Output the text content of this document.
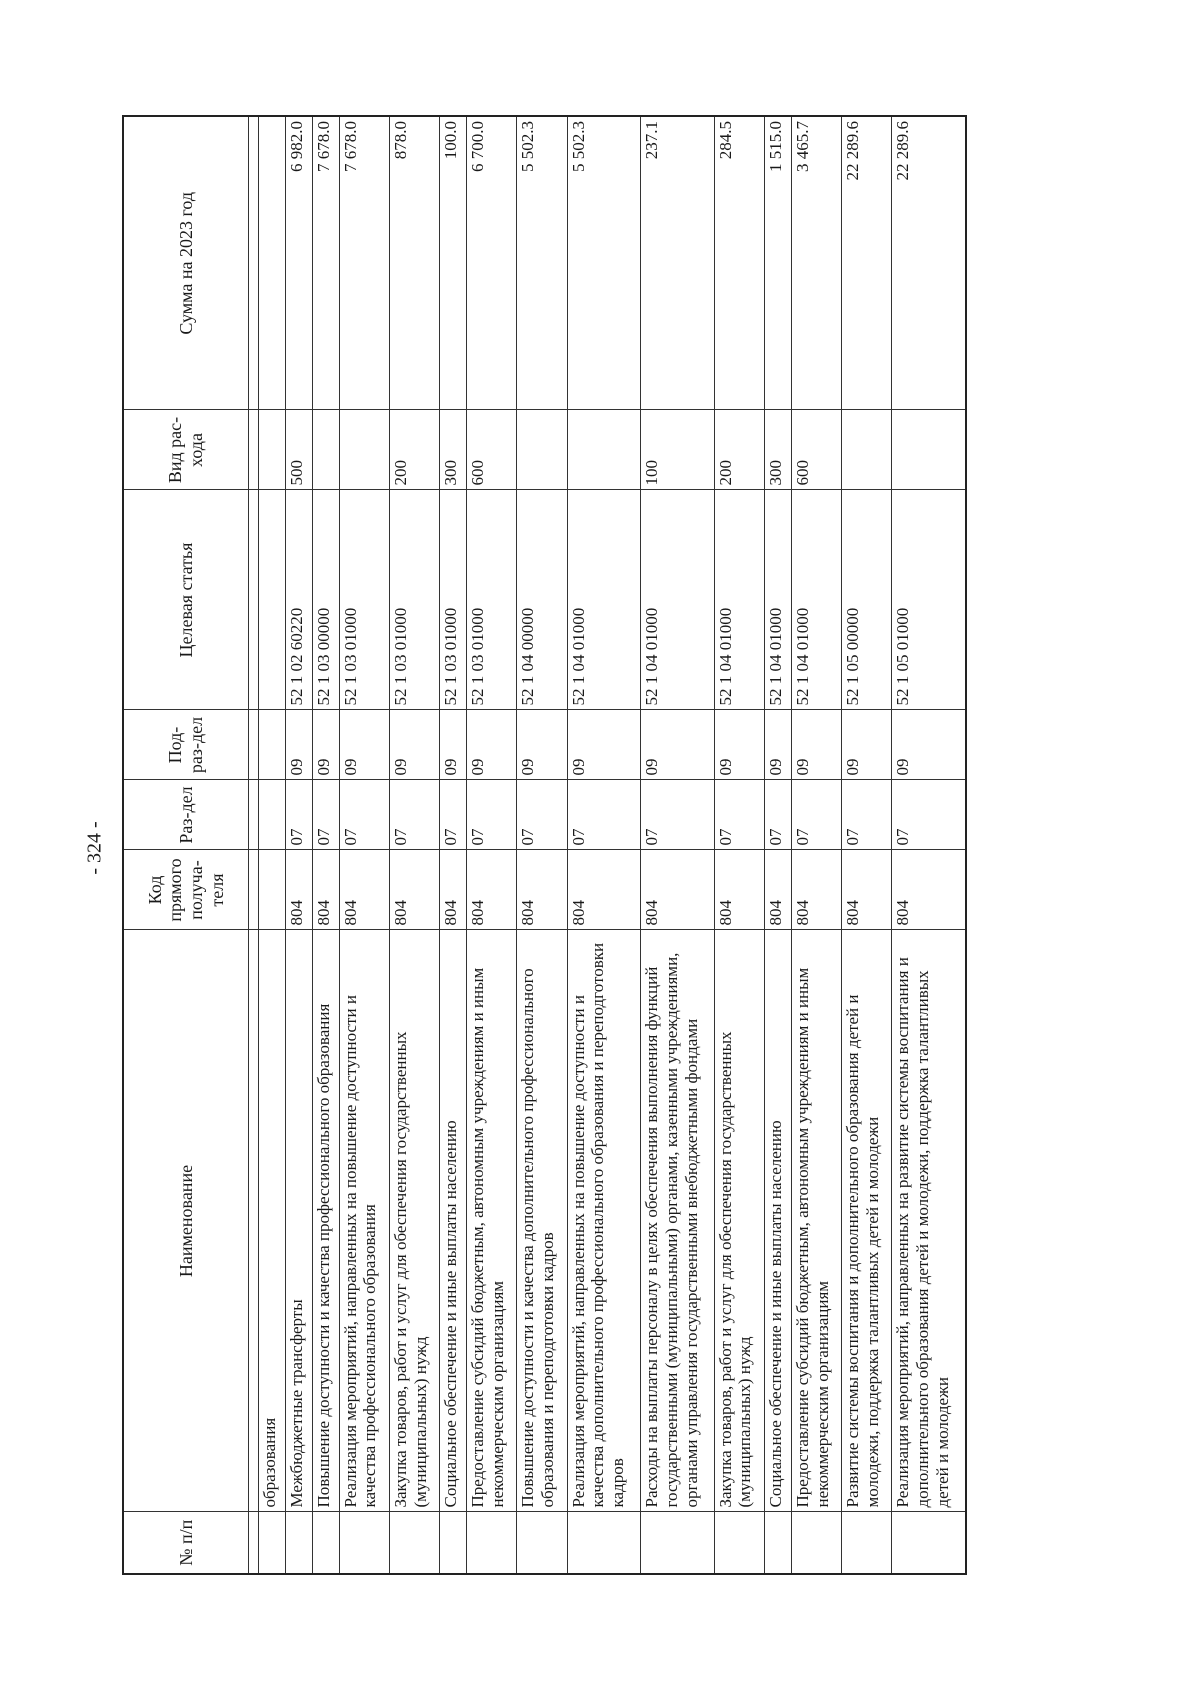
- 324 -
№ п/п	Наименование	Код прямого получа-теля	Раз-дел	Под-раз-дел	Целевая статья	Вид рас-хода	Сумма на 2023 год

	образования						
	Межбюджетные трансферты	804	07	09	52 1 02 60220	500	6 982.0
	Повышение доступности и качества профессионального образования	804	07	09	52 1 03 00000		7 678.0
	Реализация мероприятий, направленных на повышение доступности и качества профессионального образования	804	07	09	52 1 03 01000		7 678.0
	Закупка товаров, работ и услуг для обеспечения государственных (муниципальных) нужд	804	07	09	52 1 03 01000	200	878.0
	Социальное обеспечение и иные выплаты населению	804	07	09	52 1 03 01000	300	100.0
	Предоставление субсидий бюджетным, автономным учреждениям и иным некоммерческим организациям	804	07	09	52 1 03 01000	600	6 700.0
	Повышение доступности и качества дополнительного профессионального образования и переподготовки кадров	804	07	09	52 1 04 00000		5 502.3
	Реализация мероприятий, направленных на повышение доступности и качества дополнительного профессионального образования и переподготовки кадров	804	07	09	52 1 04 01000		5 502.3
	Расходы на выплаты персоналу в целях обеспечения выполнения функций государственными (муниципальными) органами, казенными учреждениями, органами управления государственными внебюджетными фондами	804	07	09	52 1 04 01000	100	237.1
	Закупка товаров, работ и услуг для обеспечения государственных (муниципальных) нужд	804	07	09	52 1 04 01000	200	284.5
	Социальное обеспечение и иные выплаты населению	804	07	09	52 1 04 01000	300	1 515.0
	Предоставление субсидий бюджетным, автономным учреждениям и иным некоммерческим организациям	804	07	09	52 1 04 01000	600	3 465.7
	Развитие системы воспитания и дополнительного образования детей и молодежи, поддержка талантливых детей и молодежи	804	07	09	52 1 05 00000		22 289.6
	Реализация мероприятий, направленных на развитие системы воспитания и дополнительного образования детей и молодежи, поддержка талантливых детей и молодежи	804	07	09	52 1 05 01000		22 289.6
